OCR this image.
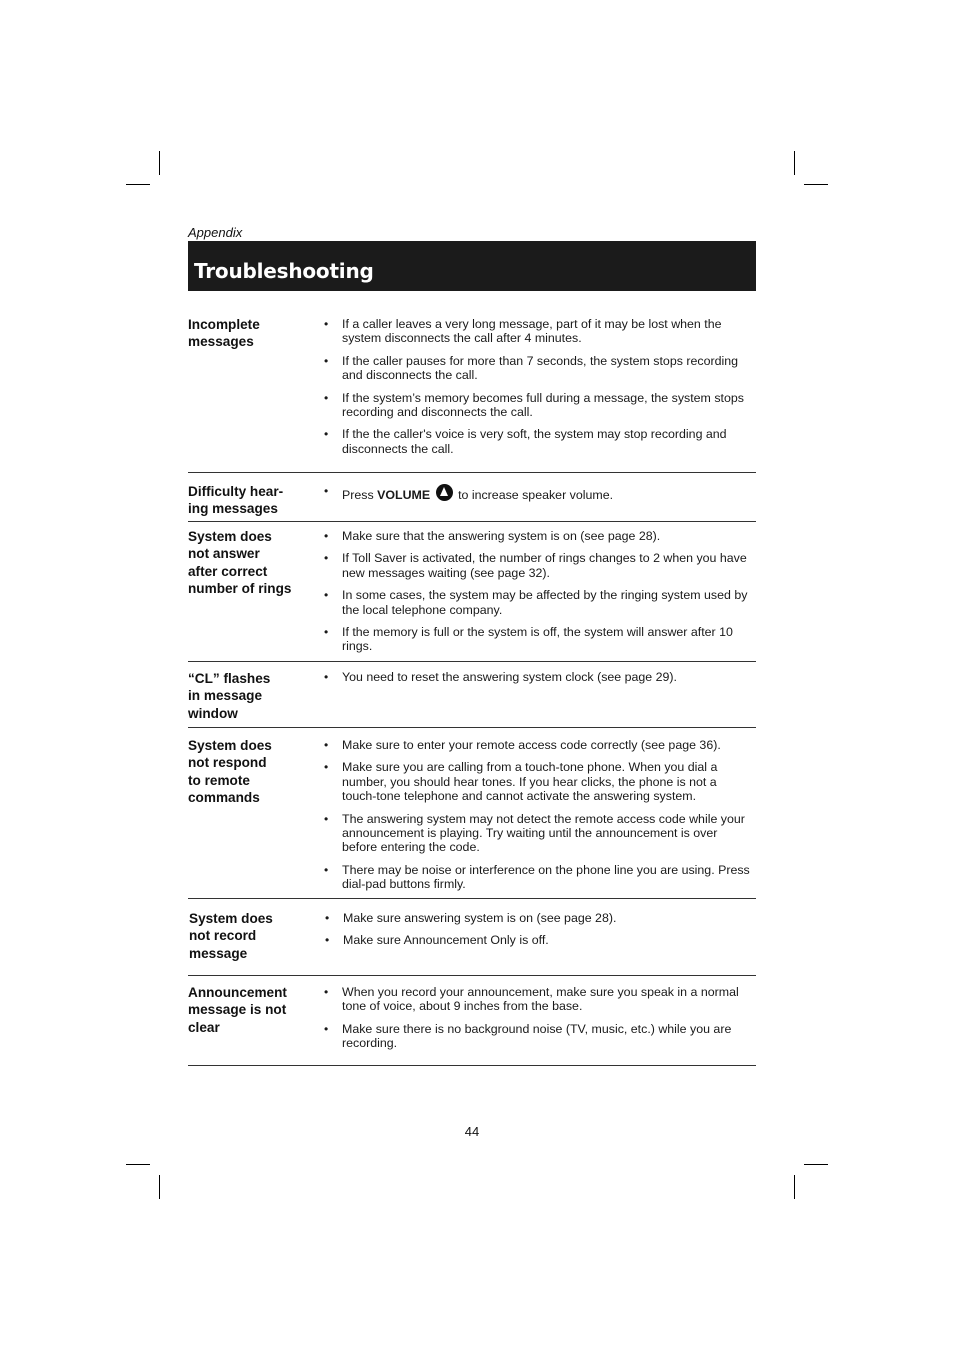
Appendix
Troubleshooting
Incomplete
messages
• If a caller leaves a very long message, part of it may be lost when the system disconnects the call after 4 minutes.
• If the caller pauses for more than 7 seconds, the system stops recording and disconnects the call.
• If the system’s memory becomes full during a message, the system stops recording and disconnects the call.
• If the the caller's voice is very soft, the system may stop recording and disconnects the call.
Difficulty hear-
ing messages
• Press VOLUME to increase speaker volume.
System does
not answer
after correct
number of rings
• Make sure that the answering system is on (see page 28).
• If Toll Saver is activated, the number of rings changes to 2 when you have new messages waiting (see page 32).
• In some cases, the system may be affected by the ringing system used by the local telephone company.
• If the memory is full or the system is off, the system will answer after 10 rings.
“CL” flashes
in message
window
• You need to reset the answering system clock (see page 29).
System does
not respond
to remote
commands
• Make sure to enter your remote access code correctly (see page 36).
• Make sure you are calling from a touch-tone phone. When you dial a number, you should hear tones. If you hear clicks, the phone is not a touch-tone telephone and cannot activate the answering system.
• The answering system may not detect the remote access code while your announcement is playing. Try waiting until the announcement is over before entering the code.
• There may be noise or interference on the phone line you are using. Press dial-pad buttons firmly.
System does
not record
message
• Make sure answering system is on (see page 28).
• Make sure Announcement Only is off.
Announcement
message is not
clear
• When you record your announcement, make sure you speak in a normal tone of voice, about 9 inches from the base.
• Make sure there is no background noise (TV, music, etc.) while you are recording.
44
